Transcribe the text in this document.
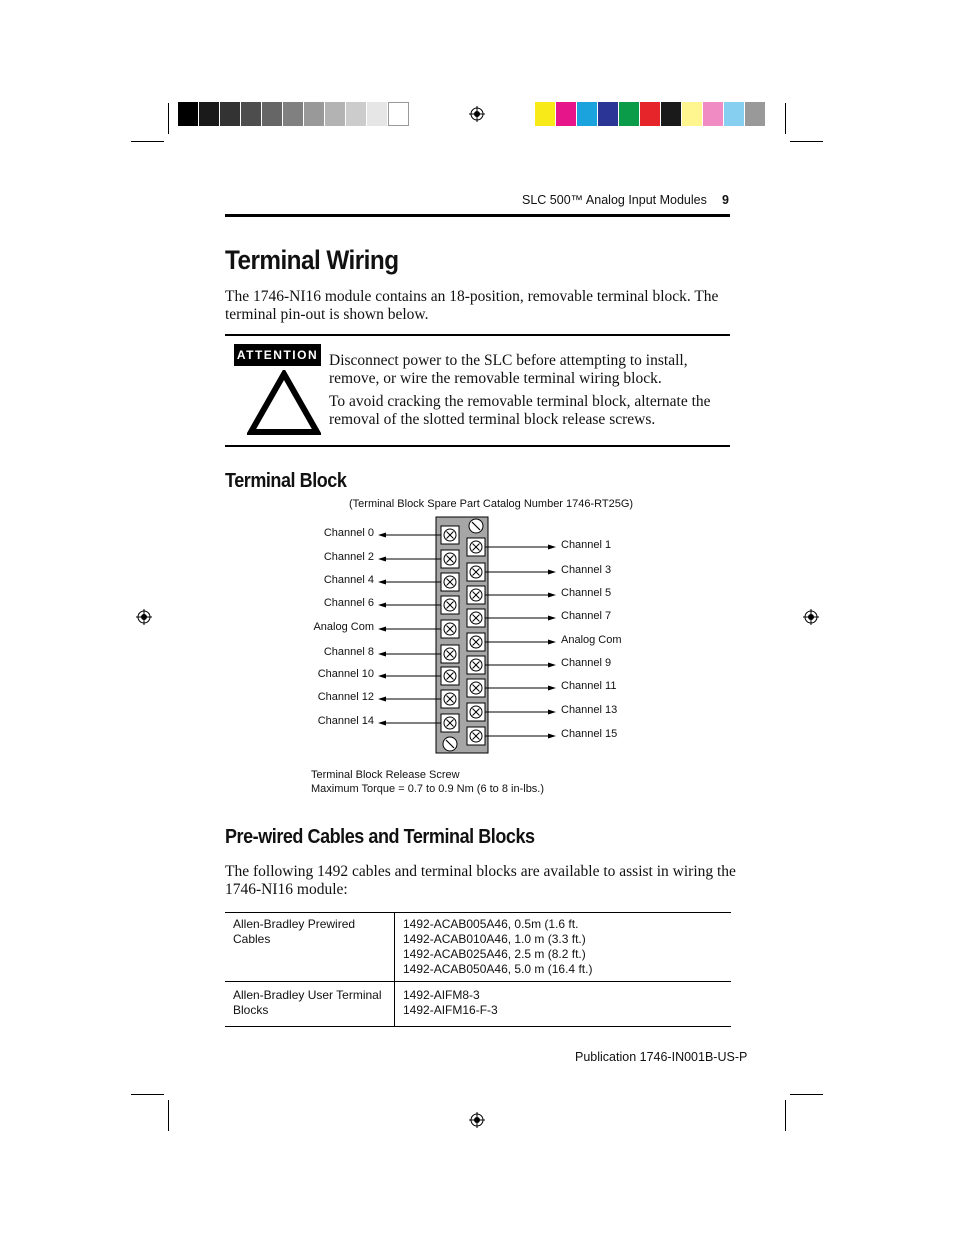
SLC 500™ Analog Input Modules 9
Terminal Wiring

The 1746-NI16 module contains an 18-position, removable terminal block. The
terminal pin-out is shown below.

ATTENTION Disconnect power to the SLC before attempting to install,
remove, or wire the removable terminal wiring block.

To avoid cracking the removable terminal block, alternate the
removal of the slotted terminal block release screws.

Terminal Block
(Terminal Block Spare Part Catalog Number 1746-RT25G)
Channel 0
Channel 2
Channel 4
Channel 6
Analog Com
Channel 8
Channel 10
Channel 12
Channel 14
Channel 1
Channel 3
Channel 5
Channel 7
Analog Com
Channel 9
Channel 11
Channel 13
Channel 15
Terminal Block Release Screw
Maximum Torque = 0.7 to 0.9 Nm (6 to 8 in-lbs.)
Pre-wired Cables and Terminal Blocks

The following 1492 cables and terminal blocks are available to assist in wiring the
1746-NI16 module:

Allen-Bradley Prewired
Cables	1492-ACAB005A46, 0.5m (1.6 ft.
1492-ACAB010A46, 1.0 m (3.3 ft.)
1492-ACAB025A46, 2.5 m (8.2 ft.)
1492-ACAB050A46, 5.0 m (16.4 ft.)
Allen-Bradley User Terminal
Blocks	1492-AIFM8-3
1492-AIFM16-F-3
Publication 1746-IN001B-US-P
